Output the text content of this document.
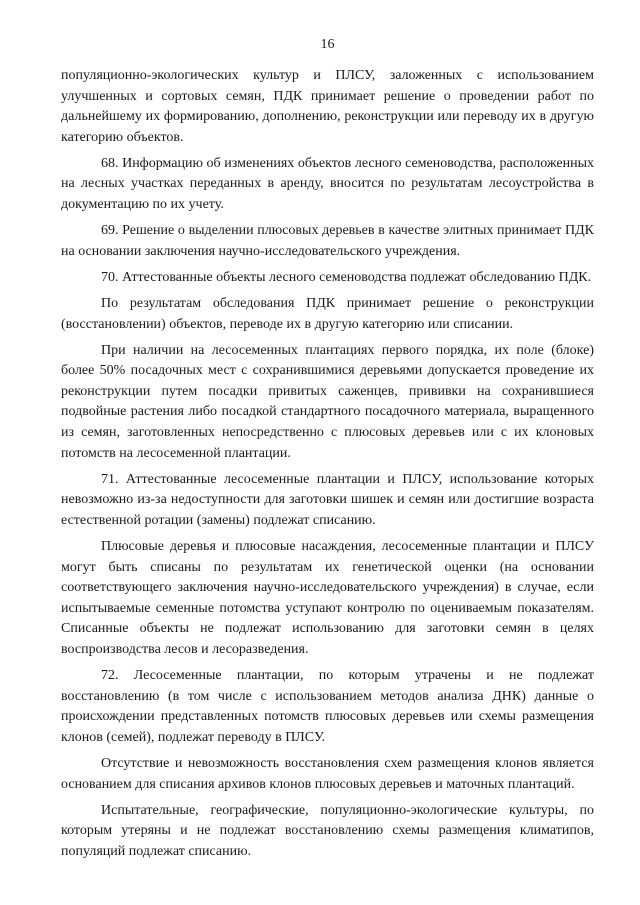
16

популяционно-экологических культур и ПЛСУ, заложенных с использованием улучшенных и сортовых семян, ПДК принимает решение о проведении работ по дальнейшему их формированию, дополнению, реконструкции или переводу их в другую категорию объектов.

68. Информацию об изменениях объектов лесного семеноводства, расположенных на лесных участках переданных в аренду, вносится по результатам лесоустройства в документацию по их учету.

69. Решение о выделении плюсовых деревьев в качестве элитных принимает ПДК на основании заключения научно-исследовательского учреждения.

70. Аттестованные объекты лесного семеноводства подлежат обследованию ПДК.

По результатам обследования ПДК принимает решение о реконструкции (восстановлении) объектов, переводе их в другую категорию или списании.

При наличии на лесосеменных плантациях первого порядка, их поле (блоке) более 50% посадочных мест с сохранившимися деревьями допускается проведение их реконструкции путем посадки привитых саженцев, прививки на сохранившиеся подвойные растения либо посадкой стандартного посадочного материала, выращенного из семян, заготовленных непосредственно с плюсовых деревьев или с их клоновых потомств на лесосеменной плантации.

71. Аттестованные лесосеменные плантации и ПЛСУ, использование которых невозможно из-за недоступности для заготовки шишек и семян или достигшие возраста естественной ротации (замены) подлежат списанию.

Плюсовые деревья и плюсовые насаждения, лесосеменные плантации и ПЛСУ могут быть списаны по результатам их генетической оценки (на основании соответствующего заключения научно-исследовательского учреждения) в случае, если испытываемые семенные потомства уступают контролю по оцениваемым показателям. Списанные объекты не подлежат использованию для заготовки семян в целях воспроизводства лесов и лесоразведения.

72. Лесосеменные плантации, по которым утрачены и не подлежат восстановлению (в том числе с использованием методов анализа ДНК) данные о происхождении представленных потомств плюсовых деревьев или схемы размещения клонов (семей), подлежат переводу в ПЛСУ.

Отсутствие и невозможность восстановления схем размещения клонов является основанием для списания архивов клонов плюсовых деревьев и маточных плантаций.

Испытательные, географические, популяционно-экологические культуры, по которым утеряны и не подлежат восстановлению схемы размещения климатипов, популяций подлежат списанию.
